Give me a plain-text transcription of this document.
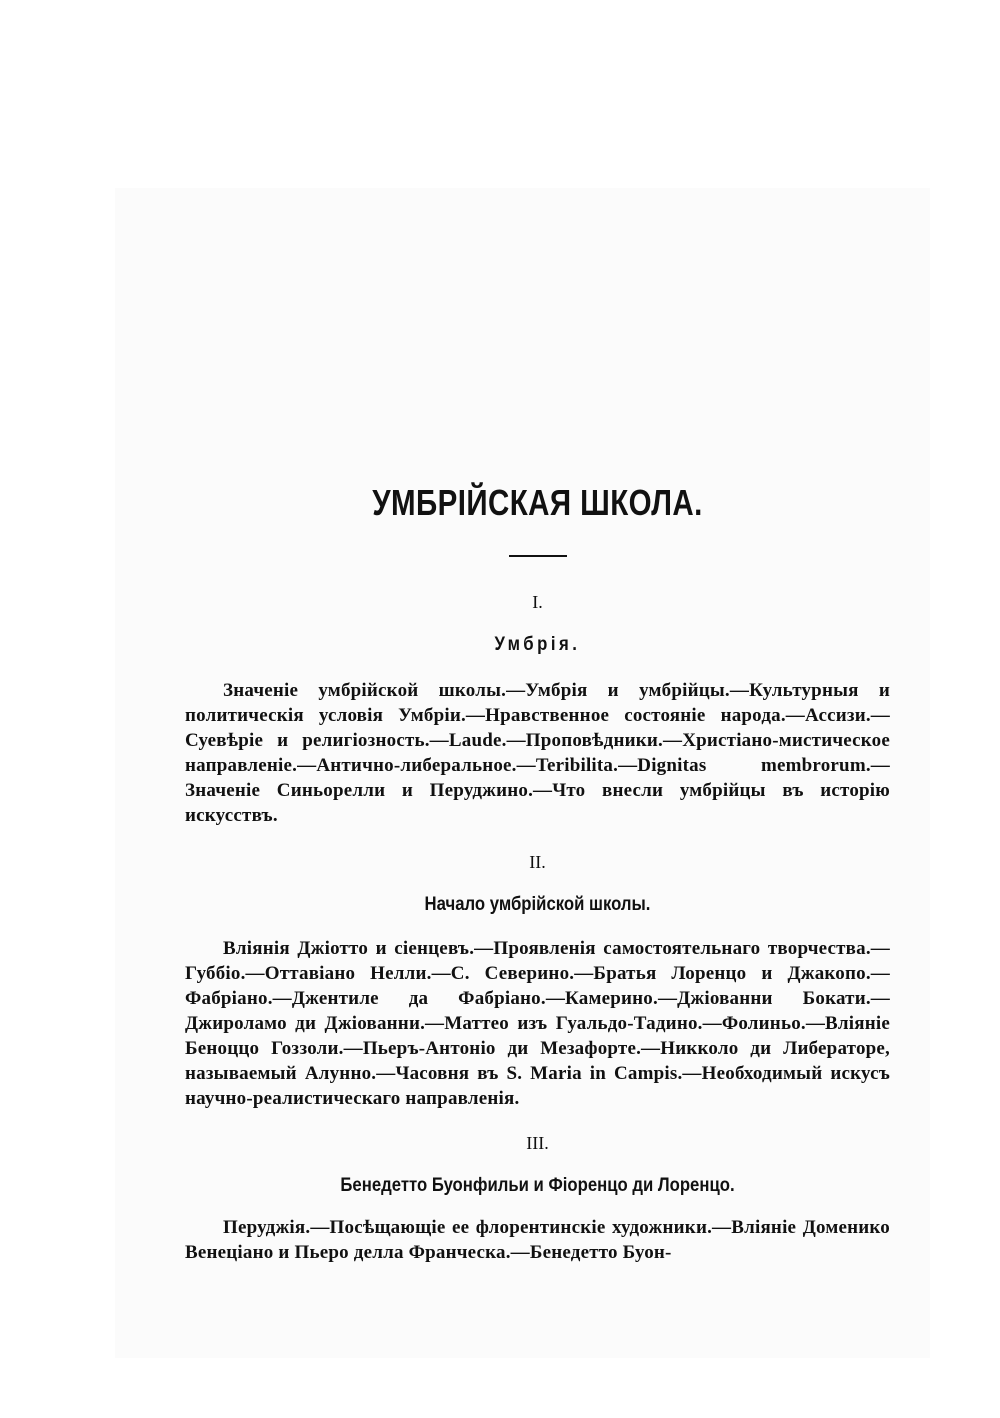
УМБРІЙСКАЯ ШКОЛА.

I.

Умбрія.

Значеніе умбрійской школы.—Умбрія и умбрійцы.—Культурныя и политическія условія Умбріи.—Нравственное состояніе народа.—Ассизи.—Суевѣріе и религіозность.—Laude.—Проповѣдники.—Христіано-мистическое направленіе.—Антично-либеральное.—Teribilita.—Dignitas membrorum.—Значеніе Синьорелли и Перуджино.—Что внесли умбрійцы въ исторію искусствъ.

II.

Начало умбрійской школы.

Вліянія Джіотто и сіенцевъ.—Проявленія самостоятельнаго творчества.—Губбіо.—Оттавіано Нелли.—С. Северино.—Братья Лоренцо и Джакопо.—Фабріано.—Джентиле да Фабріано.—Камерино.—Джіованни Бокати.—Джироламо ди Джіованни.—Маттео изъ Гуальдо-Тадино.—Фолиньо.—Вліяніе Беноццо Гоззоли.—Пьеръ-Антоніо ди Мезафорте.—Никколо ди Либераторе, называемый Алунно.—Часовня въ S. Maria in Campis.—Необходимый искусъ научно-реалистическаго направленія.

III.

Бенедетто Буонфильи и Фіоренцо ди Лоренцо.

Перуджія.—Посѣщающіе ее флорентинскіе художники.—Вліяніе Доменико Венеціано и Пьеро делла Франческа.—Бенедетто Буон-
